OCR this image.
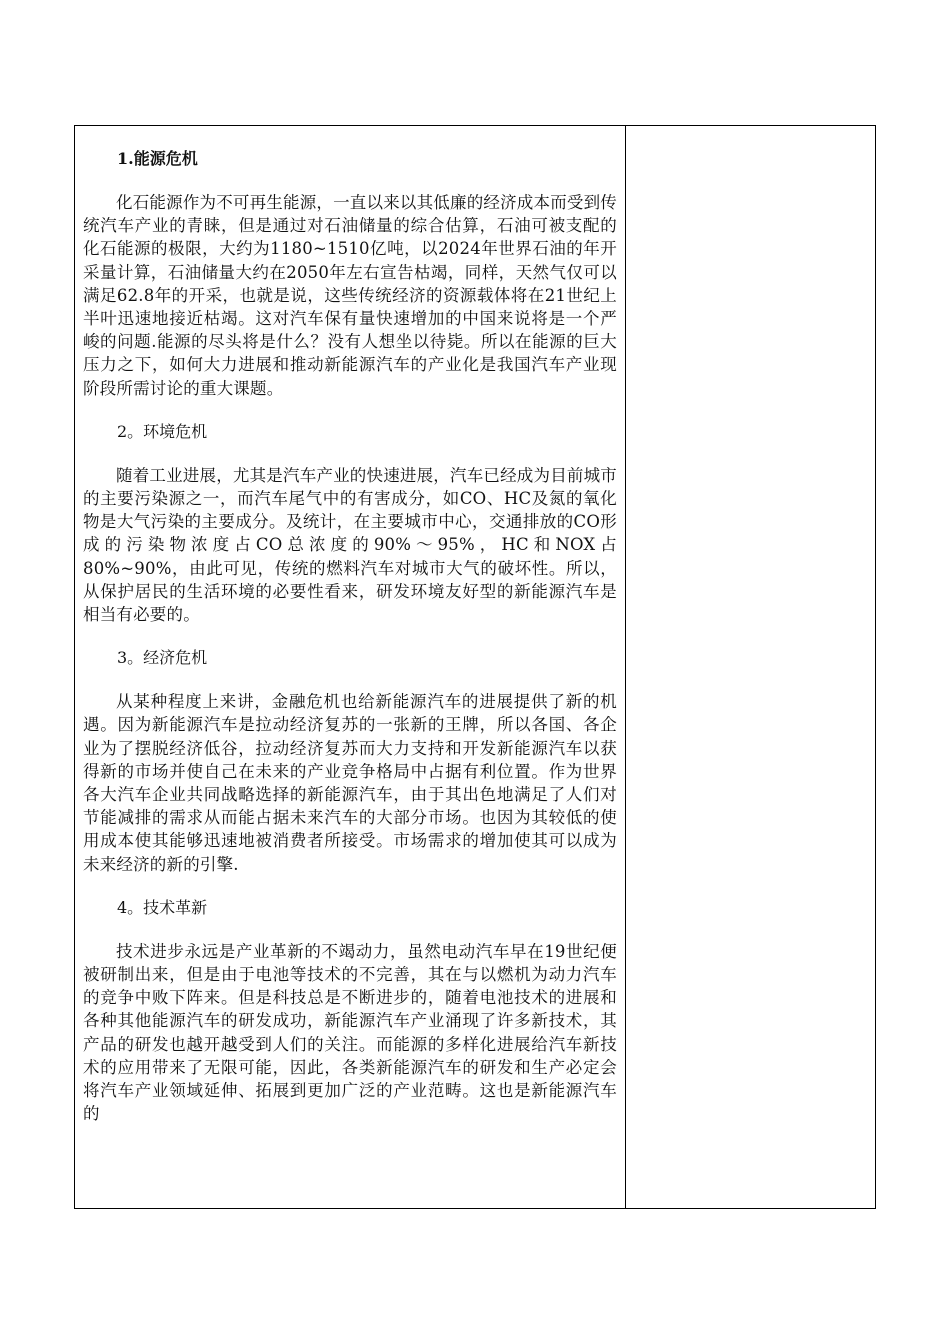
1.能源危机

化石能源作为不可再生能源，一直以来以其低廉的经济成本而受到传统汽车产业的青睐，但是通过对石油储量的综合估算，石油可被支配的化石能源的极限，大约为1180~1510亿吨，以2024年世界石油的年开采量计算，石油储量大约在2050年左右宣告枯竭，同样，天然气仅可以满足62.8年的开采，也就是说，这些传统经济的资源载体将在21世纪上半叶迅速地接近枯竭。这对汽车保有量快速增加的中国来说将是一个严峻的问题.能源的尽头将是什么？没有人想坐以待毙。所以在能源的巨大压力之下，如何大力进展和推动新能源汽车的产业化是我国汽车产业现阶段所需讨论的重大课题。

2。环境危机

随着工业进展，尤其是汽车产业的快速进展，汽车已经成为目前城市的主要污染源之一，而汽车尾气中的有害成分，如CO、HC及氮的氧化物是大气污染的主要成分。及统计，在主要城市中心，交通排放的CO形成的污染物浓度占CO总浓度的90%～95%，HC和NOX占80%~90%，由此可见，传统的燃料汽车对城市大气的破坏性。所以，从保护居民的生活环境的必要性看来，研发环境友好型的新能源汽车是相当有必要的。

3。经济危机

从某种程度上来讲，金融危机也给新能源汽车的进展提供了新的机遇。因为新能源汽车是拉动经济复苏的一张新的王牌，所以各国、各企业为了摆脱经济低谷，拉动经济复苏而大力支持和开发新能源汽车以获得新的市场并使自己在未来的产业竞争格局中占据有利位置。作为世界各大汽车企业共同战略选择的新能源汽车，由于其出色地满足了人们对节能减排的需求从而能占据未来汽车的大部分市场。也因为其较低的使用成本使其能够迅速地被消费者所接受。市场需求的增加使其可以成为未来经济的新的引擎.

4。技术革新

技术进步永远是产业革新的不竭动力，虽然电动汽车早在19世纪便被研制出来，但是由于电池等技术的不完善，其在与以燃机为动力汽车的竞争中败下阵来。但是科技总是不断进步的，随着电池技术的进展和各种其他能源汽车的研发成功，新能源汽车产业涌现了许多新技术，其产品的研发也越开越受到人们的关注。而能源的多样化进展给汽车新技术的应用带来了无限可能，因此，各类新能源汽车的研发和生产必定会将汽车产业领域延伸、拓展到更加广泛的产业范畴。这也是新能源汽车的
